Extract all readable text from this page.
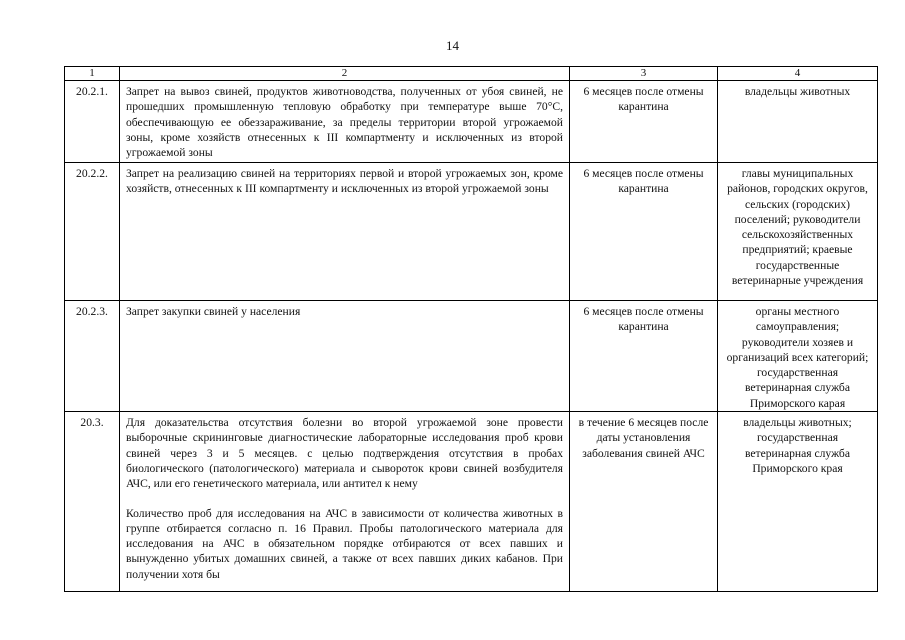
14
1	2	3	4
20.2.1.	Запрет на вывоз свиней, продуктов животноводства, полученных от убоя свиней, не прошедших промышленную тепловую обработку при температуре выше 70°С, обеспечивающую ее обеззараживание, за пределы территории второй угрожаемой зоны, кроме хозяйств отнесенных к III компартменту и исключенных из второй угрожаемой зоны	6 месяцев после отмены карантина	владельцы животных
20.2.2.	Запрет на реализацию свиней на территориях первой и второй угрожаемых зон, кроме хозяйств, отнесенных к III компартменту и исключенных из второй угрожаемой зоны	6 месяцев после отмены карантина	главы муниципальных районов, городских округов, сельских (городских) поселений; руководители сельскохозяйственных предприятий; краевые государственные ветеринарные учреждения
20.2.3.	Запрет закупки свиней у населения	6 месяцев после отмены карантина	органы местного самоуправления; руководители хозяев и организаций всех категорий; государственная ветеринарная служба Приморского карая
20.3.	Для доказательства отсутствия болезни во второй угрожаемой зоне провести выборочные скрининговые диагностические лабораторные исследования проб крови свиней через 3 и 5 месяцев. с целью подтверждения отсутствия в пробах биологического (патологического) материала и сывороток крови свиней возбудителя АЧС, или его генетического материала, или антител к нему

Количество проб для исследования на АЧС в зависимости от количества животных в группе отбирается согласно п. 16 Правил. Пробы патологического материала для исследования на АЧС в обязательном порядке отбираются от всех павших и вынужденно убитых домашних свиней, а также от всех павших диких кабанов. При получении хотя бы	в течение 6 месяцев после даты установления заболевания свиней АЧС	владельцы животных; государственная ветеринарная служба Приморского края
